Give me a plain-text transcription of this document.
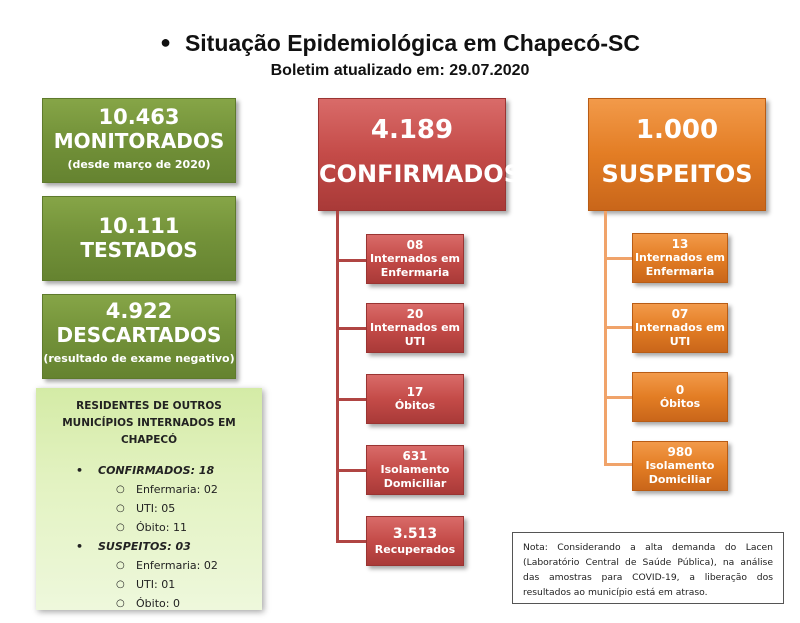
● Situação Epidemiológica em Chapecó-SC
Boletim atualizado em: 29.07.2020
10.463
MONITORADOS
(desde março de 2020)
10.111
TESTADOS
4.922
DESCARTADOS
(resultado de exame negativo)
RESIDENTES DE OUTROS
MUNICÍPIOS INTERNADOS EM
CHAPECÓ
• CONFIRMADOS: 18
○ Enfermaria: 02
○ UTI: 05
○ Óbito: 11
• SUSPEITOS: 03
○ Enfermaria: 02
○ UTI: 01
○ Óbito: 0
4.189
CONFIRMADOS
08
Internados em Enfermaria
20
Internados em UTI
17
Óbitos
631
Isolamento Domiciliar
3.513
Recuperados
1.000
SUSPEITOS
13
Internados em Enfermaria
07
Internados em UTI
0
Óbitos
980
Isolamento Domiciliar
Nota: Considerando a alta demanda do Lacen (Laboratório Central de Saúde Pública), na análise das amostras para COVID-19, a liberação dos resultados ao município está em atraso.
